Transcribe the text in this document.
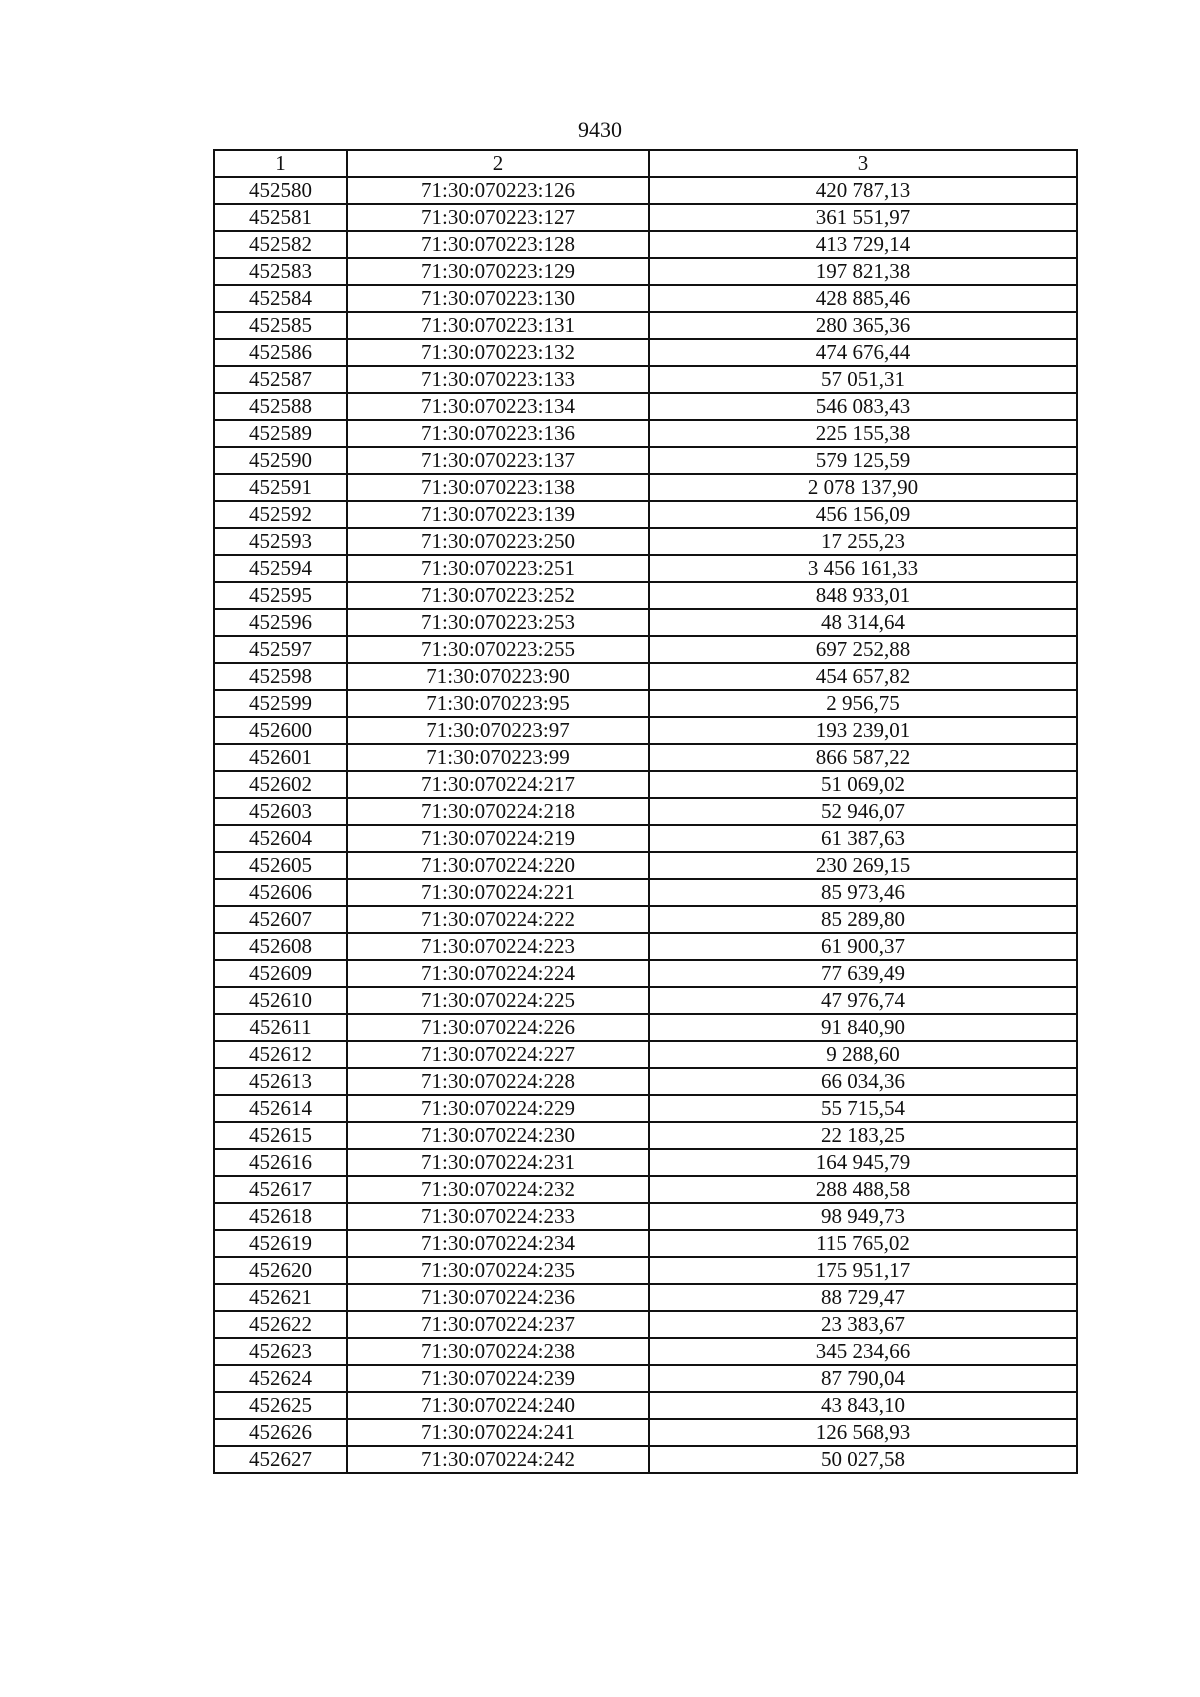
9430
1	2	3
452580	71:30:070223:126	420 787,13
452581	71:30:070223:127	361 551,97
452582	71:30:070223:128	413 729,14
452583	71:30:070223:129	197 821,38
452584	71:30:070223:130	428 885,46
452585	71:30:070223:131	280 365,36
452586	71:30:070223:132	474 676,44
452587	71:30:070223:133	57 051,31
452588	71:30:070223:134	546 083,43
452589	71:30:070223:136	225 155,38
452590	71:30:070223:137	579 125,59
452591	71:30:070223:138	2 078 137,90
452592	71:30:070223:139	456 156,09
452593	71:30:070223:250	17 255,23
452594	71:30:070223:251	3 456 161,33
452595	71:30:070223:252	848 933,01
452596	71:30:070223:253	48 314,64
452597	71:30:070223:255	697 252,88
452598	71:30:070223:90	454 657,82
452599	71:30:070223:95	2 956,75
452600	71:30:070223:97	193 239,01
452601	71:30:070223:99	866 587,22
452602	71:30:070224:217	51 069,02
452603	71:30:070224:218	52 946,07
452604	71:30:070224:219	61 387,63
452605	71:30:070224:220	230 269,15
452606	71:30:070224:221	85 973,46
452607	71:30:070224:222	85 289,80
452608	71:30:070224:223	61 900,37
452609	71:30:070224:224	77 639,49
452610	71:30:070224:225	47 976,74
452611	71:30:070224:226	91 840,90
452612	71:30:070224:227	9 288,60
452613	71:30:070224:228	66 034,36
452614	71:30:070224:229	55 715,54
452615	71:30:070224:230	22 183,25
452616	71:30:070224:231	164 945,79
452617	71:30:070224:232	288 488,58
452618	71:30:070224:233	98 949,73
452619	71:30:070224:234	115 765,02
452620	71:30:070224:235	175 951,17
452621	71:30:070224:236	88 729,47
452622	71:30:070224:237	23 383,67
452623	71:30:070224:238	345 234,66
452624	71:30:070224:239	87 790,04
452625	71:30:070224:240	43 843,10
452626	71:30:070224:241	126 568,93
452627	71:30:070224:242	50 027,58
